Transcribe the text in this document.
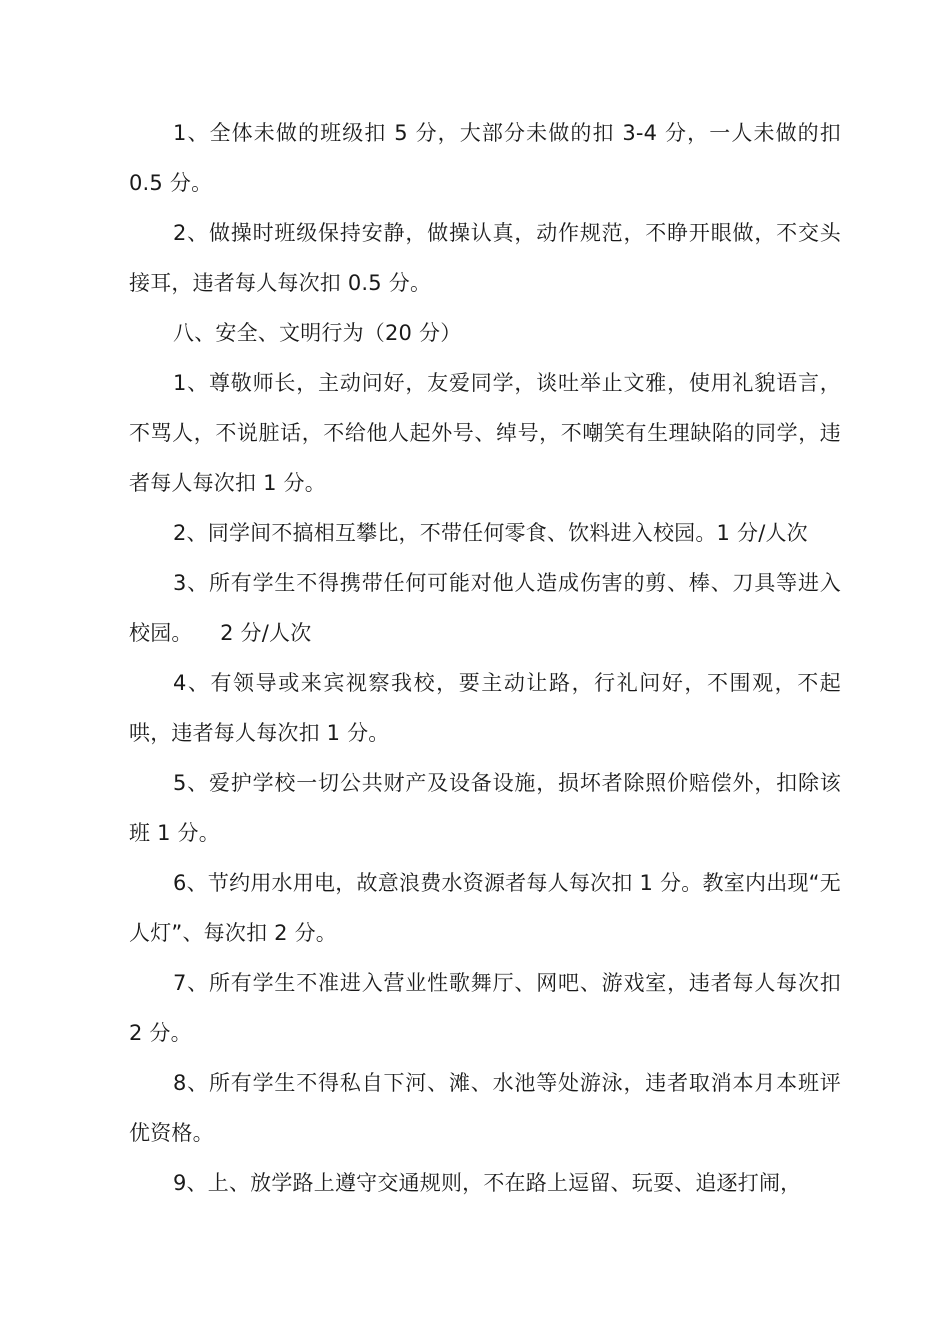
1、全体未做的班级扣 5 分，大部分未做的扣 3-4 分，一人未做的扣 0.5 分。

2、做操时班级保持安静，做操认真，动作规范，不睁开眼做，不交头接耳，违者每人每次扣 0.5 分。

八、安全、文明行为（20 分）

1、尊敬师长，主动问好，友爱同学，谈吐举止文雅，使用礼貌语言，不骂人，不说脏话，不给他人起外号、绰号，不嘲笑有生理缺陷的同学，违者每人每次扣 1 分。

2、同学间不搞相互攀比，不带任何零食、饮料进入校园。1 分/人次

3、所有学生不得携带任何可能对他人造成伤害的剪、棒、刀具等进入校园。    2 分/人次

4、有领导或来宾视察我校，要主动让路，行礼问好，不围观，不起哄，违者每人每次扣 1 分。

5、爱护学校一切公共财产及设备设施，损坏者除照价赔偿外，扣除该班 1 分。

6、节约用水用电，故意浪费水资源者每人每次扣 1 分。教室内出现“无人灯”、每次扣 2 分。

7、所有学生不准进入营业性歌舞厅、网吧、游戏室，违者每人每次扣 2 分。

8、所有学生不得私自下河、滩、水池等处游泳，违者取消本月本班评优资格。

9、上、放学路上遵守交通规则，不在路上逗留、玩耍、追逐打闹，
